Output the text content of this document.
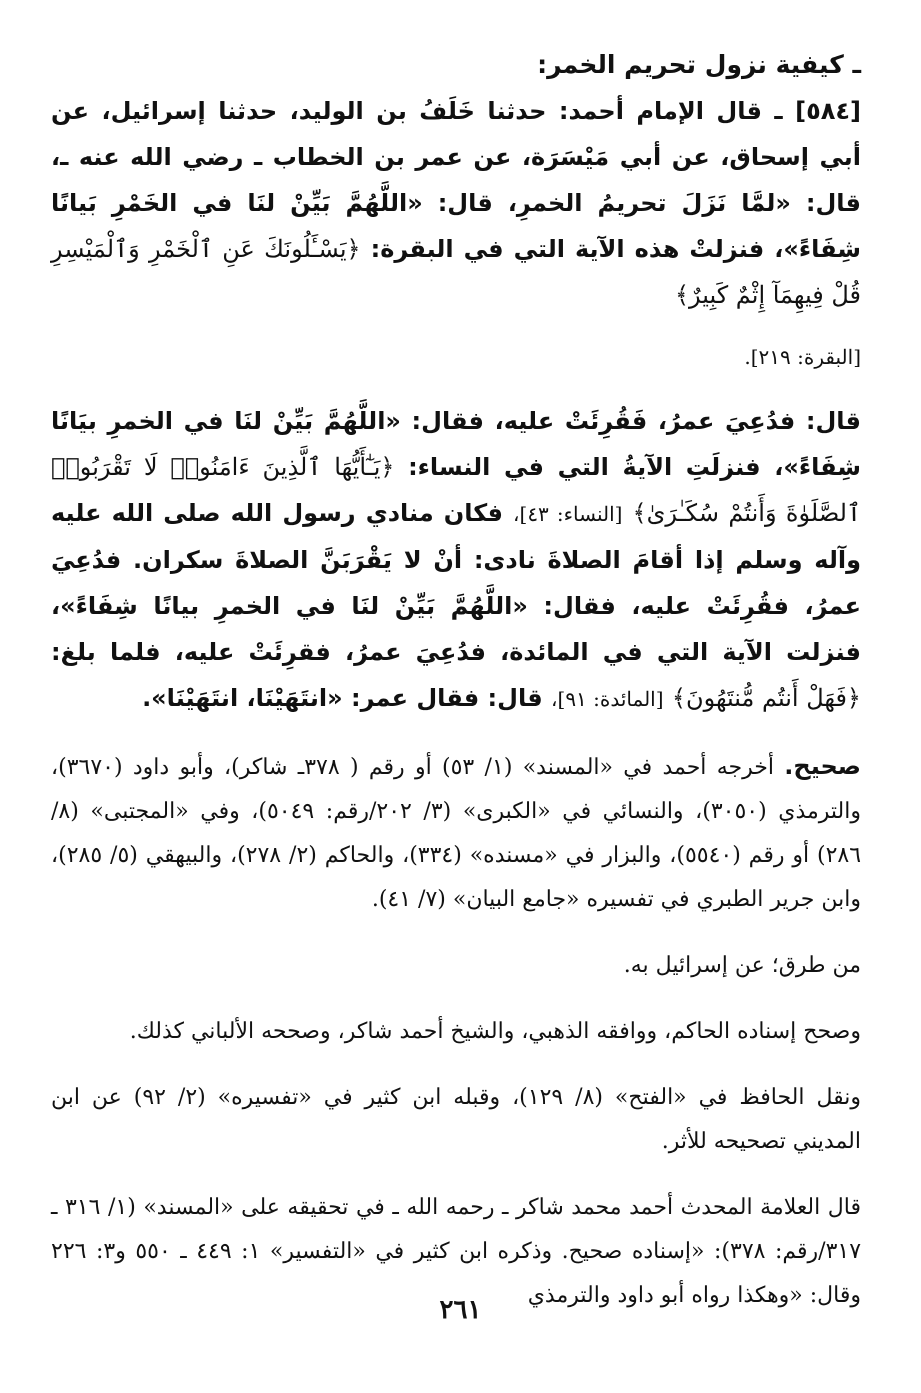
ـ كيفية نزول تحريم الخمر:

[٥٨٤] ـ قال الإمام أحمد: حدثنا خَلَفُ بن الوليد، حدثنا إسرائيل، عن أبي إسحاق، عن أبي مَيْسَرَة، عن عمر بن الخطاب ـ رضي الله عنه ـ، قال: «لمَّا نَزَلَ تحريمُ الخمرِ، قال: «اللَّهُمَّ بَيِّنْ لنَا في الخَمْرِ بَيانًا شِفَاءً»، فنزلتْ هذه الآية التي في البقرة: ﴿يَسْـَٔلُونَكَ عَنِ ٱلْخَمْرِ وَٱلْمَيْسِرِ قُلْ فِيهِمَآ إِثْمٌ كَبِيرٌ﴾

[البقرة: ٢١٩].

قال: فدُعِيَ عمرُ، فَقُرِئَتْ عليه، فقال: «اللَّهُمَّ بَيِّنْ لنَا في الخمرِ بيَانًا شِفَاءً»، فنزلَتِ الآيةُ التي في النساء: ﴿يَـٰٓأَيُّهَا ٱلَّذِينَ ءَامَنُوا۟ لَا تَقْرَبُوا۟ ٱلصَّلَوٰةَ وَأَنتُمْ سُكَـٰرَىٰ﴾ [النساء: ٤٣]، فكان منادي رسول الله صلى الله عليه وآله وسلم إذا أقامَ الصلاةَ نادى: أنْ لا يَقْرَبَنَّ الصلاةَ سكران. فدُعِيَ عمرُ، فقُرِئَتْ عليه، فقال: «اللَّهُمَّ بَيِّنْ لنَا في الخمرِ بيانًا شِفَاءً»، فنزلت الآية التي في المائدة، فدُعِيَ عمرُ، فقرِئَتْ عليه، فلما بلغ: ﴿فَهَلْ أَنتُم مُّنتَهُونَ﴾ [المائدة: ٩١]، قال: فقال عمر: «انتَهَيْنَا، انتَهَيْنَا».

صحيح. أخرجه أحمد في «المسند» (١/ ٥٣) أو رقم ( ٣٧٨ـ شاكر)، وأبو داود (٣٦٧٠)، والترمذي (٣٠٥٠)، والنسائي في «الكبرى» (٣/ ٢٠٢/رقم: ٥٠٤٩)، وفي «المجتبى» (٨/ ٢٨٦) أو رقم (٥٥٤٠)، والبزار في «مسنده» (٣٣٤)، والحاكم (٢/ ٢٧٨)، والبيهقي (٥/ ٢٨٥)، وابن جرير الطبري في تفسيره «جامع البيان» (٧/ ٤١).

من طرق؛ عن إسرائيل به.

وصحح إسناده الحاكم، ووافقه الذهبي، والشيخ أحمد شاكر، وصححه الألباني كذلك.

ونقل الحافظ في «الفتح» (٨/ ١٢٩)، وقبله ابن كثير في «تفسيره» (٢/ ٩٢) عن ابن المديني تصحيحه للأثر.

قال العلامة المحدث أحمد محمد شاكر ـ رحمه الله ـ في تحقيقه على «المسند» (١/ ٣١٦ ـ ٣١٧/رقم: ٣٧٨): «إسناده صحيح. وذكره ابن كثير في «التفسير» ١: ٤٤٩ ـ ٥٥٠ و٣: ٢٢٦ وقال: «وهكذا رواه أبو داود والترمذي

٢٦١
